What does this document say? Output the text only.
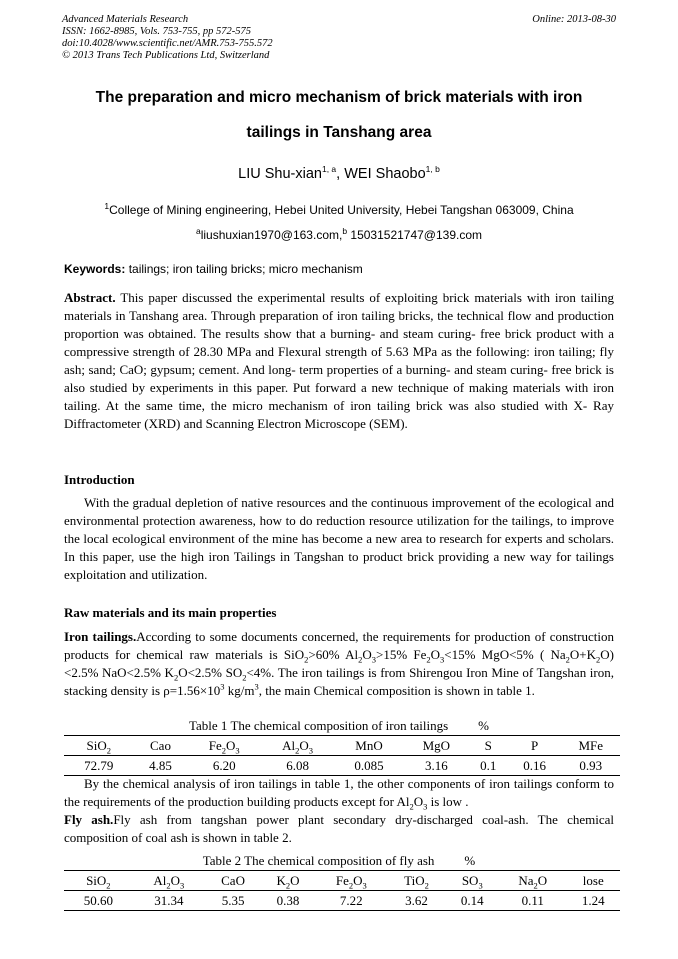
Advanced Materials Research
ISSN: 1662-8985, Vols. 753-755, pp 572-575
doi:10.4028/www.scientific.net/AMR.753-755.572
© 2013 Trans Tech Publications Ltd, Switzerland
Online: 2013-08-30
The preparation and micro mechanism of brick materials with iron
tailings in Tanshang area
LIU Shu-xian$^{1, a}$, WEI Shaobo$^{1, b}$
$^1$College of Mining engineering, Hebei United University, Hebei Tangshan 063009, China
$^a$liushuxian1970@163.com,$^b$ 15031521747@139.com
Keywords: tailings; iron tailing bricks; micro mechanism
Abstract. This paper discussed the experimental results of exploiting brick materials with iron tailing materials in Tanshang area. Through preparation of iron tailing bricks, the technical flow and production proportion was obtained. The results show that a burning- and steam curing- free brick product with a compressive strength of 28.30 MPa and Flexural strength of 5.63 MPa as the following: iron tailing; fly ash; sand; CaO; gypsum; cement. And long- term properties of a burning- and steam curing- free brick is also studied by experiments in this paper. Put forward a new technique of making materials with iron tailing. At the same time, the micro mechanism of iron tailing brick was also studied with X- Ray Diffractometer (XRD) and Scanning Electron Microscope (SEM).
Introduction
With the gradual depletion of native resources and the continuous improvement of the ecological and environmental protection awareness, how to do reduction resource utilization for the tailings, to improve the local ecological environment of the mine has become a new area to research for experts and scholars. In this paper, use the high iron Tailings in Tangshan to product brick providing a new way for tailings exploitation and utilization.
Raw materials and its main properties
Iron tailings.According to some documents concerned, the requirements for production of construction products for chemical raw materials is SiO$_2$>60% $Al_2O_3>15\%$ $Fe_2O_3<15\%$ MgO<5% ( $Na_2O+K_2O) <2.5\%$ NaO<2.5% $K_2O<2.5\%$ $SO_2<4\%$. The iron tailings is from Shirengou Iron Mine of Tangshan iron, stacking density is $\rho=1.56\times 10^3$ $kg/m^3$, the main Chemical composition is shown in table 1.
Table 1 The chemical composition of iron tailings %
SiO$_2$	Cao	$Fe_2O_3$	$Al_2O_3$	MnO	MgO	S	P	MFe
72.79	4.85	6.20	6.08	0.085	3.16	0.1	0.16	0.93
By the chemical analysis of iron tailings in table 1, the other components of iron tailings conform to the requirements of the production building products except for $Al_2O_3$ is low .
Fly ash.Fly ash from tangshan power plant secondary dry-discharged coal-ash. The chemical composition of coal ash is shown in table 2.
Table 2 The chemical composition of fly ash %
SiO$_2$	$Al_2O_3$	CaO	$K_2O$	$Fe_2O_3$	TiO$_2$	$SO_3$	$Na_2O$	lose
50.60	31.34	5.35	0.38	7.22	3.62	0.14	0.11	1.24
